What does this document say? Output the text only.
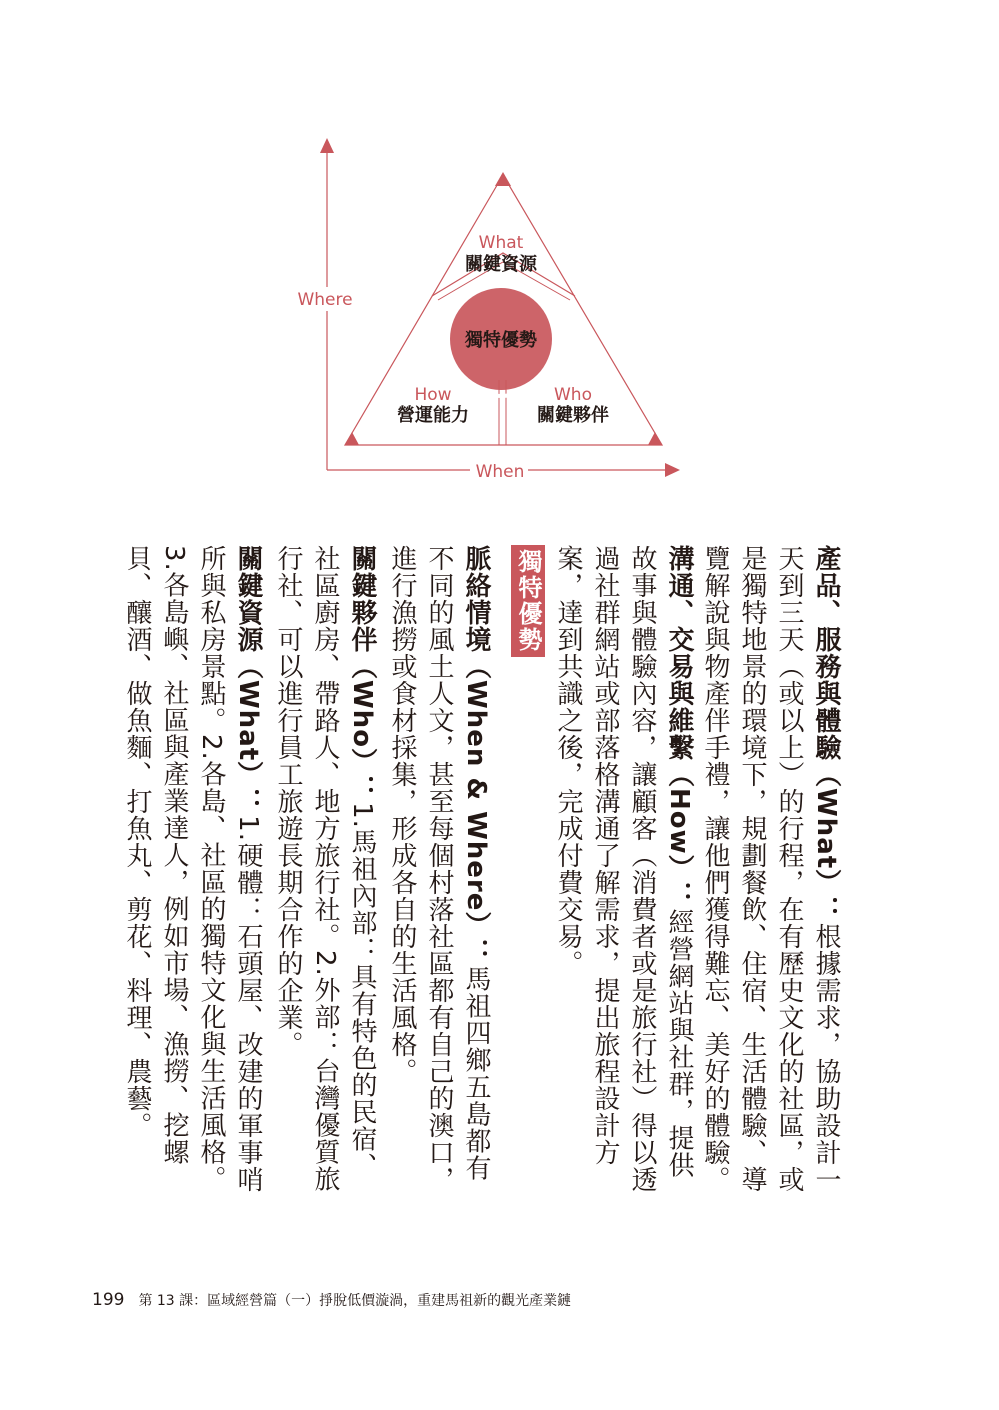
When
Where
獨特優勢
What
關鍵資源
How
營運能力
Who
關鍵夥伴
產品、服務與體驗（What）：根據需求，協助設計一天到三天（或以上）的行程，在有歷史文化的社區，或是獨特地景的環境下，規劃餐飲、住宿、生活體驗、導覽解說與物產伴手禮，讓他們獲得難忘、美好的體驗。
溝通、交易與維繫（How）：經營網站與社群，提供故事與體驗內容，讓顧客（消費者或是旅行社）得以透過社群網站或部落格溝通了解需求，提出旅程設計方案，達到共識之後，完成付費交易。
獨特優勢
脈絡情境（When & Where）：馬祖四鄉五島都有不同的風土人文，甚至每個村落社區都有自己的澳口，進行漁撈或食材採集，形成各自的生活風格。
關鍵夥伴（Who）：1.馬祖內部：具有特色的民宿、社區廚房、帶路人、地方旅行社。2.外部：台灣優質旅行社、可以進行員工旅遊長期合作的企業。
關鍵資源（What）：1.硬體：石頭屋、改建的軍事哨所與私房景點。2.各島、社區的獨特文化與生活風格。3.各島嶼、社區與產業達人，例如市場、漁撈、挖螺貝、釀酒、做魚麵、打魚丸、剪花、料理、農藝。
199 第 13 課：區域經營篇（一）掙脫低價漩渦，重建馬祖新的觀光產業鏈
